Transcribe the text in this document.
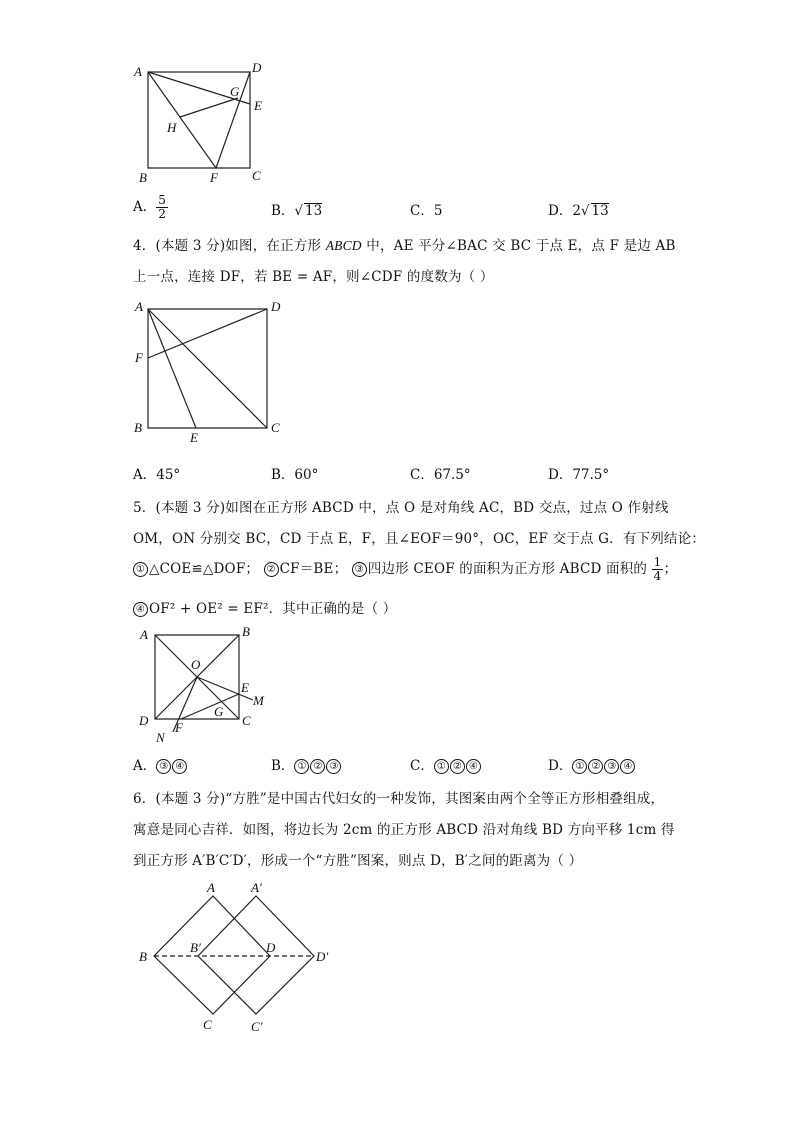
A	D
G
E
H
B	F	C
A． $\frac{5}{2}$	B．√ 13	C．5	D．2√ 13
4．(本题 3 分)如图，在正方形 ABCD 中，AE 平分∠BAC 交 BC 于点 E，点 F 是边 AB
上一点，连接 DF，若 BE = AF，则∠CDF 的度数为（ ）
A	D
F
B
E
C
A．45°	B．60°	C．67.5°	D．77.5°
5．(本题 3 分)如图在正方形 ABCD 中，点 O 是对角线 AC，BD 交点，过点 O 作射线
OM，ON 分别交 BC，CD 于点 E，F，且∠EOF＝90°，OC，EF 交于点 G．有下列结论：
① △COE≌△DOF； ② CF＝BE； ③ 四边形 CEOF 的面积为正方形 ABCD 面积的 $\frac{1}{4}$ ；
④ OF² + OE² = EF²．其中正确的是（ ）
A	B
O
E
M
D F
G
C
N
A． ③ ④	B． ① ② ③	C． ① ② ④	D． ① ② ③ ④
6．(本题 3 分)“方胜”是中国古代妇女的一种发饰，其图案由两个全等正方形相叠组成，
寓意是同心吉祥．如图，将边长为 2cm 的正方形 ABCD 沿对角线 BD 方向平移 1cm 得
到正方形 A′B′C′D′，形成一个“方胜”图案，则点 D，B′之间的距离为（ ）
A	A′
B
B′	D
D′
C	C′
